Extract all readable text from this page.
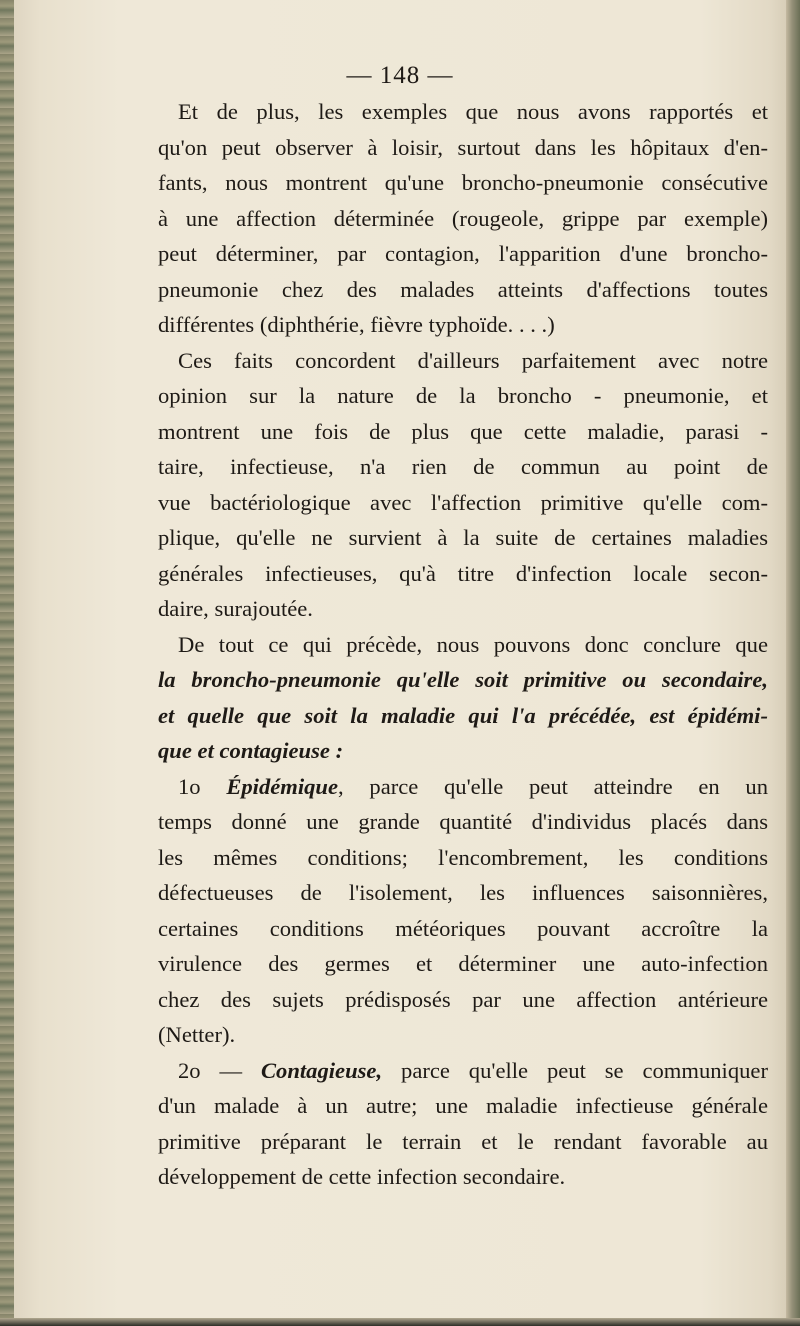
— 148 —

Et de plus, les exemples que nous avons rapportés et

qu'on peut observer à loisir, surtout dans les hôpitaux d'en-

fants, nous montrent qu'une broncho-pneumonie consécutive

à une affection déterminée (rougeole, grippe par exemple)

peut déterminer, par contagion, l'apparition d'une broncho-

pneumonie chez des malades atteints d'affections toutes

différentes (diphthérie, fièvre typhoïde. . . .)

Ces faits concordent d'ailleurs parfaitement avec notre

opinion sur la nature de la broncho - pneumonie, et

montrent une fois de plus que cette maladie, parasi -

taire, infectieuse, n'a rien de commun au point de

vue bactériologique avec l'affection primitive qu'elle com-

plique, qu'elle ne survient à la suite de certaines maladies

générales infectieuses, qu'à titre d'infection locale secon-

daire, surajoutée.

De tout ce qui précède, nous pouvons donc conclure que

la broncho-pneumonie qu'elle soit primitive ou secondaire,

et quelle que soit la maladie qui l'a précédée, est épidémi-

que et contagieuse :

1o Épidémique, parce qu'elle peut atteindre en un

temps donné une grande quantité d'individus placés dans

les mêmes conditions; l'encombrement, les conditions

défectueuses de l'isolement, les influences saisonnières,

certaines conditions météoriques pouvant accroître la

virulence des germes et déterminer une auto-infection

chez des sujets prédisposés par une affection antérieure

(Netter).

2o — Contagieuse, parce qu'elle peut se communiquer

d'un malade à un autre; une maladie infectieuse générale

primitive préparant le terrain et le rendant favorable au

développement de cette infection secondaire.
